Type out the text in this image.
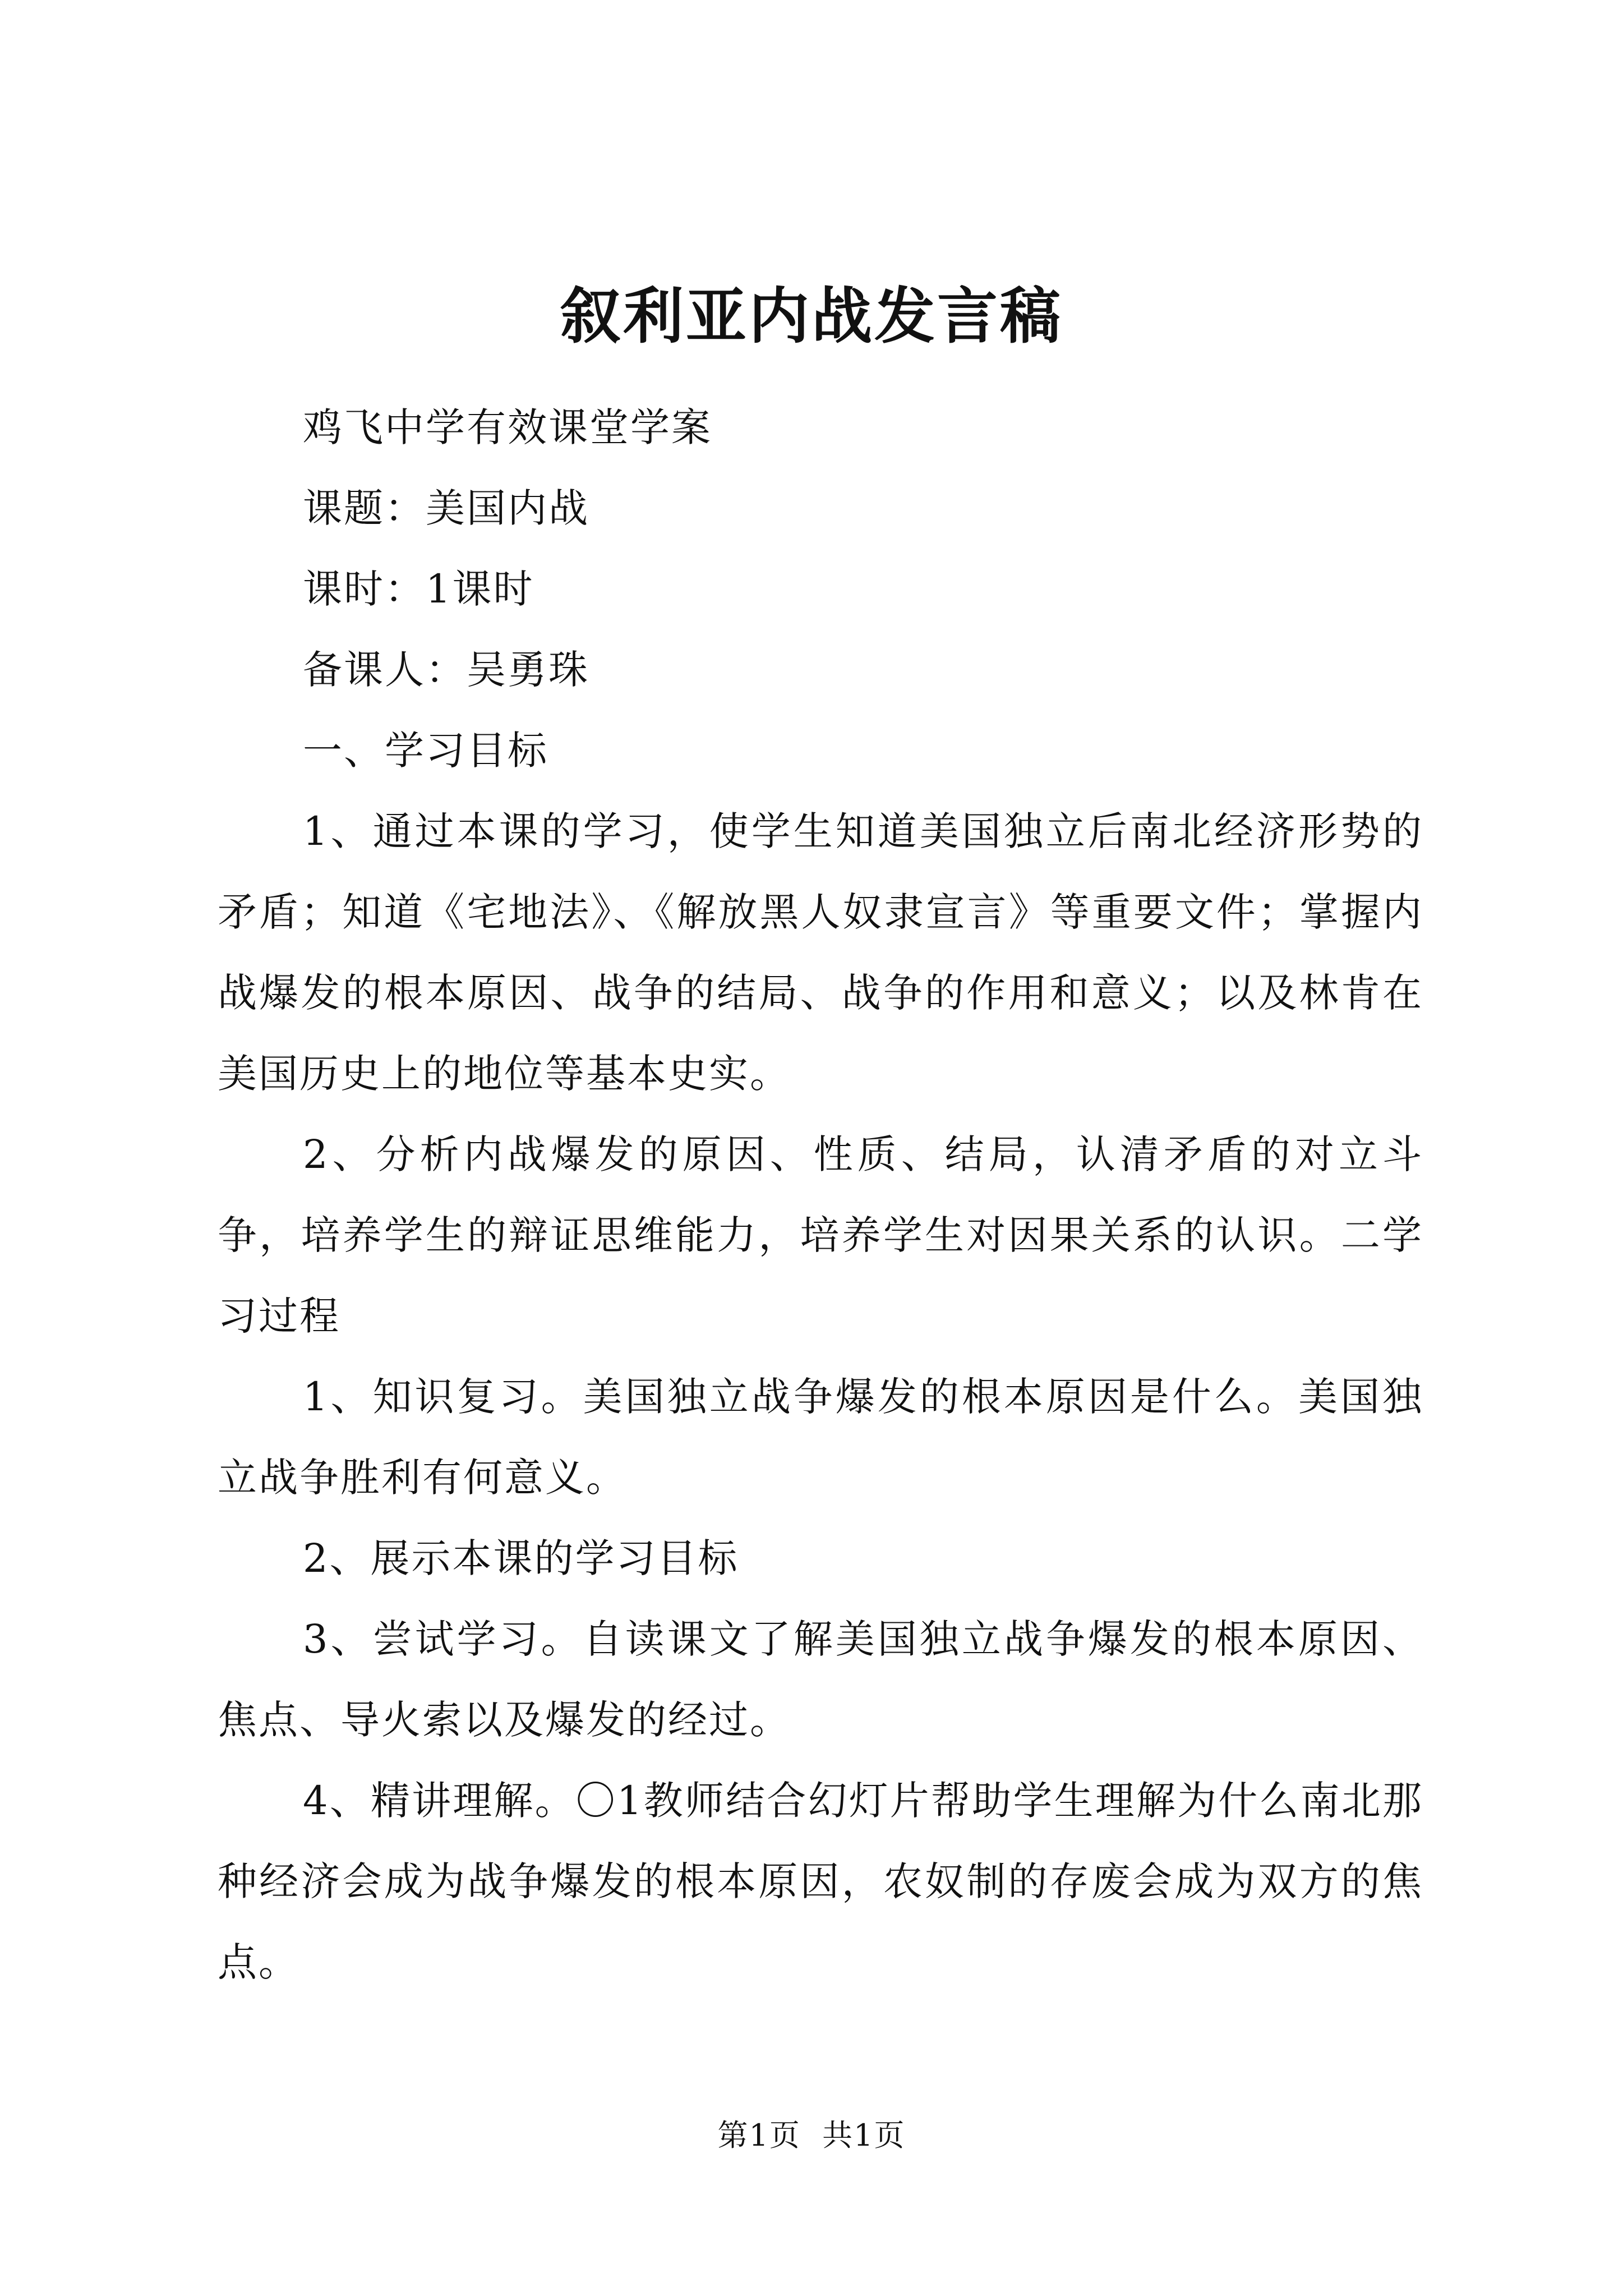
叙利亚内战发言稿

鸡飞中学有效课堂学案

课题：美国内战

课时：1课时

备课人：吴勇珠

一、学习目标

1、通过本课的学习，使学生知道美国独立后南北经济形势的矛盾；知道《宅地法》、《解放黑人奴隶宣言》等重要文件；掌握内战爆发的根本原因、战争的结局、战争的作用和意义；以及林肯在美国历史上的地位等基本史实。

2、分析内战爆发的原因、性质、结局，认清矛盾的对立斗争，培养学生的辩证思维能力，培养学生对因果关系的认识。二学习过程

1、知识复习。美国独立战争爆发的根本原因是什么。美国独立战争胜利有何意义。

2、展示本课的学习目标

3、尝试学习。自读课文了解美国独立战争爆发的根本原因、焦点、导火索以及爆发的经过。

4、精讲理解。〇1教师结合幻灯片帮助学生理解为什么南北那种经济会成为战争爆发的根本原因，农奴制的存废会成为双方的焦点。

第1页 共1页
